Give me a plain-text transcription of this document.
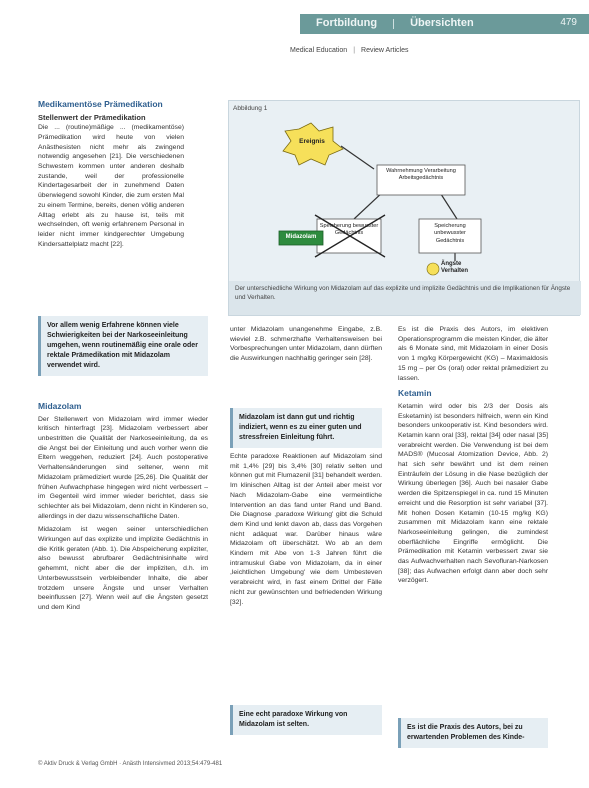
Fortbildung	Übersichten	479
Medical Education | Review Articles
Medikamentöse Prämedikation
Stellenwert der Prämedikation

Die ... (routine)mäßige ... (medikamentöse) Prämedikation wird heute von vielen Anästhesisten nicht mehr als zwingend notwendig angesehen [21]. Die verschiedenen Schwestern kommen unter anderen deshalb zustande, weil der professionelle Kindertagesarbeit der in zunehmend Daten überwiegend sowohl Kinder, die zum ersten Mal zu einem Termine, bereits, denen völlig anderen Alltag erlebt als zu hause ist, teils mit wechselnden, oft wenig erfahrenem Personal in leider nicht immer kindgerechter Umgebung Kindersattelplatz macht [22].

Vor allem wenig Erfahrene können viele Schwierigkeiten bei der Narkoseeinleitung umgehen, wenn routinemäßig eine orale oder rektale Prämedikation mit Midazolam verwendet wird.
Midazolam

Der Stellenwert von Midazolam wird immer wieder kritisch hinterfragt [23]. Midazolam verbessert aber unbestritten die Qualität der Narkoseeinleitung, da es die Angst bei der Einleitung und auch vorher wenn die Eltern weggehen, reduziert [24]. Auch postoperative Verhaltensänderungen sind seltener, wenn mit Midazolam prämediziert wurde [25,26]. Die Qualität der frühen Aufwachphase hingegen wird nicht verbessert – im Gegenteil wird immer wieder berichtet, dass sie schlechter als bei Midazolam, denn nicht in Kinderen so, allerdings in der dazu wissenschaftliche Daten.

Midazolam ist wegen seiner unterschiedlichen Wirkungen auf das explizite und implizite Gedächtnis in die Kritik geraten (Abb. 1). Die Abspeicherung expliziter, also bewusst abrufbarer Gedächtnisinhalte wird gehemmt, nicht aber die der impliziten, d.h. im Unterbewusstsein verbleibender Inhalte, die aber trotzdem unsere Ängste und unser Verhalten beeinflussen [27]. Wenn weil auf die Ängsten gesetzt und dem Kind

Abbildung 1
Ereignis
Wahrnehmung Verarbeitung Arbeitsgedächtnis
Speicherung bewusster Gedächtnis
Speicherung unbewusster Gedächtnis
Midazolam
Ängste Verhalten
Der unterschiedliche Wirkung von Midazolam auf das explizite und implizite Gedächtnis und die Implikationen für Ängste und Verhalten.

unter Midazolam unangenehme Eingabe, z.B. wieviel z.B. schmerzhafte Verhaltensweisen bei Vorbesprechungen unter Midazolam, dann dürften die Auswirkungen nachhaltig geringer sein [28].

Midazolam ist dann gut und richtig indiziert, wenn es zu einer guten und stressfreien Einleitung führt.

Echte paradoxe Reaktionen auf Midazolam sind mit 1,4% [29] bis 3,4% [30] relativ selten und können gut mit Flumazenil [31] behandelt werden. Im klinischen Alltag ist der Anteil aber meist vor Nach Midazolam-Gabe eine vermeintliche Intervention an das fand unter Rand und Band. Die Diagnose ,paradoxe Wirkung' gibt die Schuld dem Kind und lenkt davon ab, dass das Vorgehen nicht adäquat war. Darüber hinaus wäre Midazolam oft überschätzt. Wo ab an dem Kindern mit Abe von 1-3 Jahren führt die intramuskul Gabe von Midazolam, da in einer ,leichtlichen Umgebung' wie dem Umbesteven verabreicht wird, in fast einem Drittel der Fälle nicht zur gewünschten und befriedenden Wirkung [32].

Eine echt paradoxe Wirkung von Midazolam ist selten.

Es ist die Praxis des Autors, im elektiven Operationsprogramm die meisten Kinder, die älter als 6 Monate sind, mit Midazolam in einer Dosis von 1 mg/kg Körpergewicht (KG) – Maximaldosis 15 mg – per Os (oral) oder rektal prämediziert zu lassen.

Ketamin

Ketamin wird oder bis 2/3 der Dosis als Esketamin) ist besonders hilfreich, wenn ein Kind besonders unkooperativ ist. Kind besonders wird. Ketamin kann oral [33], rektal [34] oder nasal [35] verabreicht werden. Die Verwendung ist bei dem MADS® (Mucosal Atomization Device, Abb. 2) hat sich sehr bewährt und ist dem reinen Einträufeln der Lösung in die Nase bezüglich der Wirkung überlegen [36]. Auch bei nasaler Gabe werden die Spitzenspiegel in ca. rund 15 Minuten erreicht und die Resorption ist sehr variabel [37]. Mit hohen Dosen Ketamin (10-15 mg/kg KG) zusammen mit Midazolam kann eine rektale Narkoseeinleitung gelingen, die zumindest oberflächliche Eingriffe ermöglicht. Die Prämedikation mit Ketamin verbessert zwar sie das Aufwachverhalten nach Sevofluran-Narkosen [38]; das Aufwachen erfolgt dann aber doch sehr verzögert.

Es ist die Praxis des Autors, bei zu erwartenden Problemen des Kinde-
© Aktiv Druck & Verlag GmbH · Anästh Intensivmed 2013;54:479-481
